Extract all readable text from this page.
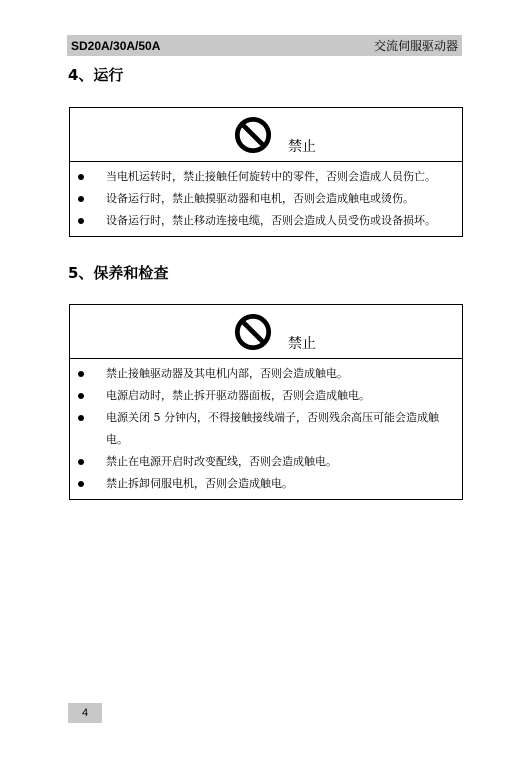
SD20A/30A/50A	交流伺服驱动器
4、运行
禁止
当电机运转时，禁止接触任何旋转中的零件，否则会造成人员伤亡。
设备运行时，禁止触摸驱动器和电机，否则会造成触电或烫伤。
设备运行时，禁止移动连接电缆，否则会造成人员受伤或设备损坏。
5、保养和检查
禁止
禁止接触驱动器及其电机内部，否则会造成触电。
电源启动时，禁止拆开驱动器面板，否则会造成触电。
电源关闭 5 分钟内，不得接触接线端子，否则残余高压可能会造成触电。
禁止在电源开启时改变配线，否则会造成触电。
禁止拆卸伺服电机，否则会造成触电。
4
